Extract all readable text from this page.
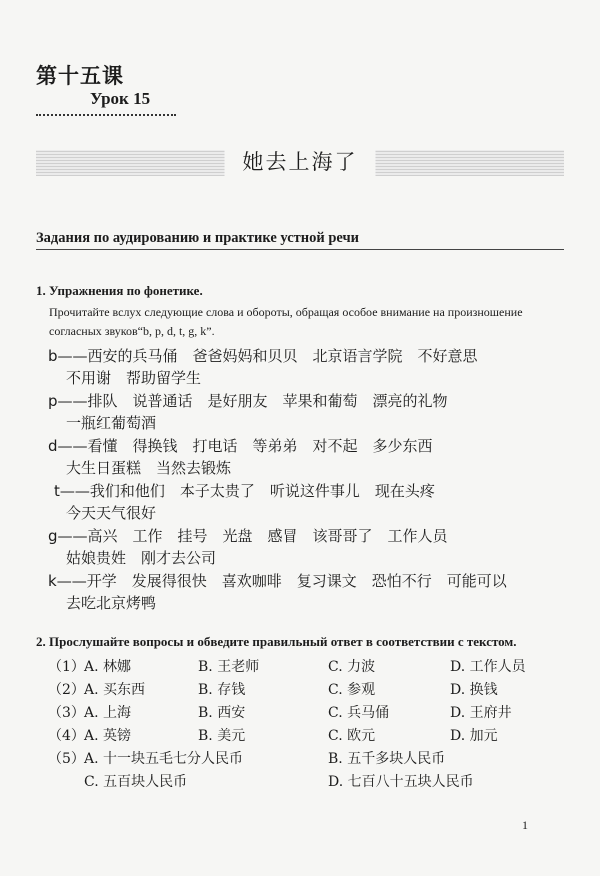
第十五课
Урок 15
她去上海了
Задания по аудированию и практике устной речи
1. Упражнения по фонетике.
Прочитайте вслух следующие слова и обороты, обращая особое внимание на произношение согласных звуков“b, p, d, t, g, k”.
b —— 西安的兵马俑　爸爸妈妈和贝贝　北京语言学院　不好意思
不用谢　帮助留学生
p —— 排队　说普通话　是好朋友　苹果和葡萄　漂亮的礼物
一瓶红葡萄酒
d —— 看懂　得换钱　打电话　等弟弟　对不起　多少东西
大生日蛋糕　当然去锻炼
t —— 我们和他们　本子太贵了　听说这件事儿　现在头疼
今天天气很好
g —— 高兴　工作　挂号　光盘　感冒　该哥哥了　工作人员
姑娘贵姓　刚才去公司
k —— 开学　发展得很快　喜欢咖啡　复习课文　恐怕不行　可能可以
去吃北京烤鸭
2. Прослушайте вопросы и обведите правильный ответ в соответствии с текстом.
（1） A. 林娜	B. 王老师	C. 力波	D. 工作人员
（2） A. 买东西	B. 存钱	C. 参观	D. 换钱
（3） A. 上海	B. 西安	C. 兵马俑	D. 王府井
（4） A. 英镑	B. 美元	C. 欧元	D. 加元
（5） A. 十一块五毛七分人民币	B. 五千多块人民币
C. 五百块人民币	D. 七百八十五块人民币
1
